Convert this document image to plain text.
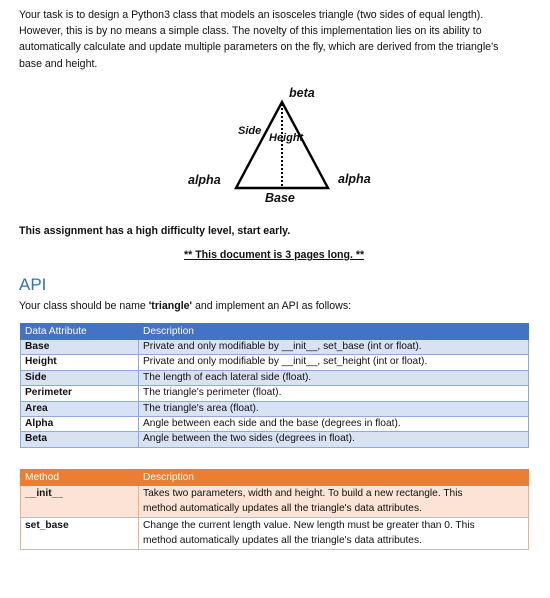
Your task is to design a Python3 class that models an isosceles triangle (two sides of equal length).
However, this is by no means a simple class. The novelty of this implementation lies on its ability to
automatically calculate and update multiple parameters on the fly, which are derived from the triangle's
base and height.

beta
Side
Height
alpha	alpha
Base

This assignment has a high difficulty level, start early.

** This document is 3 pages long. **

API

Your class should be name 'triangle' and implement an API as follows:

Data Attribute	Description
Base	Private and only modifiable by __init__, set_base (int or float).
Height	Private and only modifiable by __init__, set_height (int or float).
Side	The length of each lateral side (float).
Perimeter	The triangle's perimeter (float).
Area	The triangle's area (float).
Alpha	Angle between each side and the base (degrees in float).
Beta	Angle between the two sides (degrees in float).
Method	Description
__init__	Takes two parameters, width and height. To build a new rectangle. This
method automatically updates all the triangle's data attributes.
set_base	Change the current length value. New length must be greater than 0. This
method automatically updates all the triangle's data attributes.
